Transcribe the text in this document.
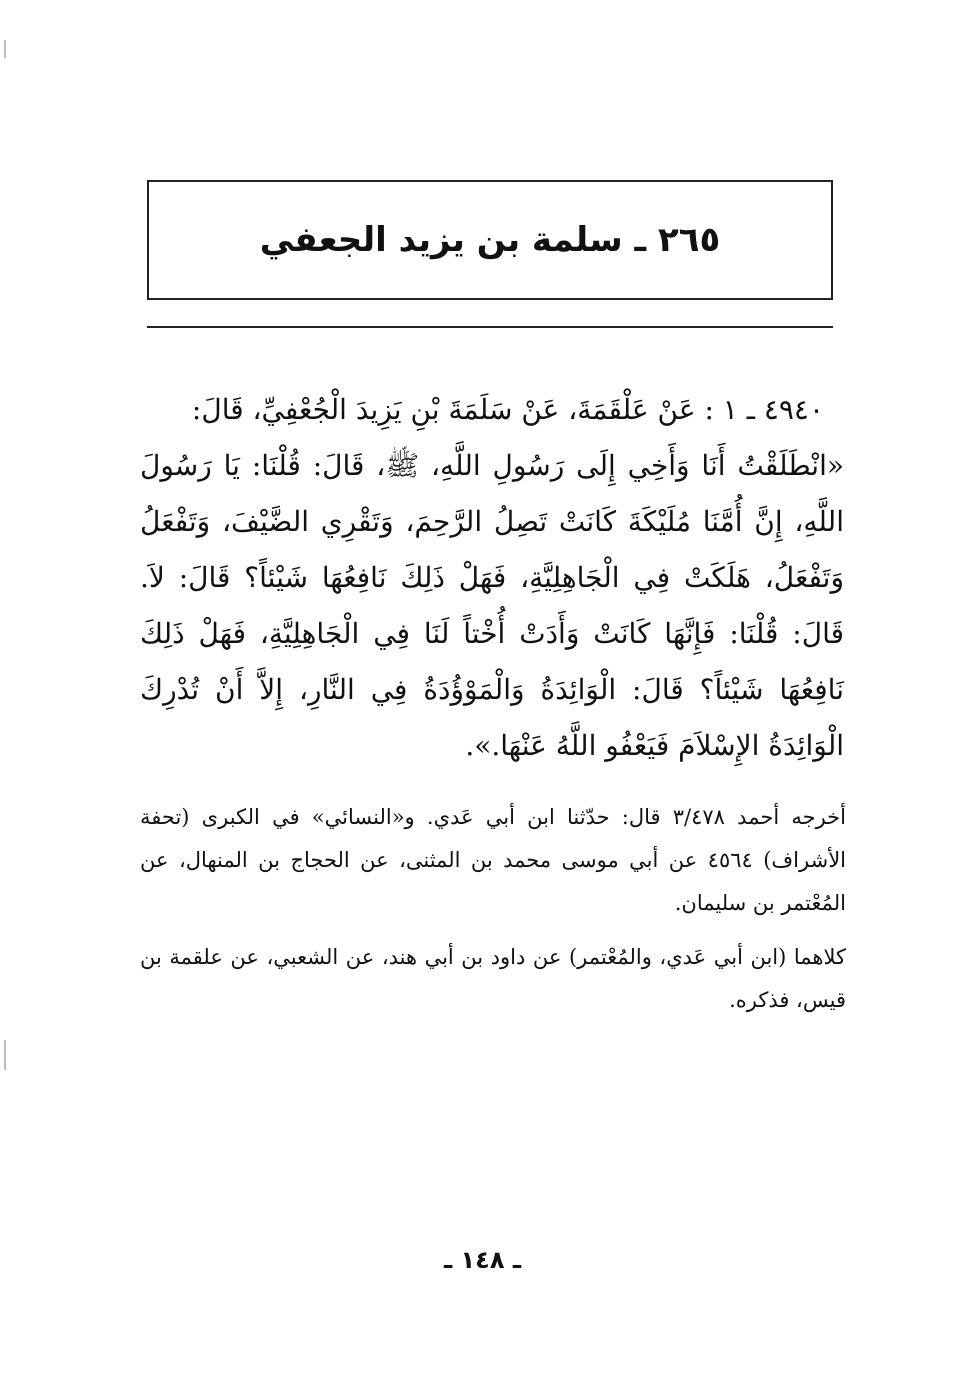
٢٦٥ ـ سلمة بن يزيد الجعفي
٤٩٤٠ ـ ١ : عَنْ عَلْقَمَةَ، عَنْ سَلَمَةَ بْنِ يَزِيدَ الْجُعْفِيِّ، قَالَ:
«انْطَلَقْتُ أَنَا وَأَخِي إِلَى رَسُولِ اللَّهِ، ﷺ، قَالَ: قُلْنَا: يَا رَسُولَ اللَّهِ، إِنَّ أُمَّنَا مُلَيْكَةَ كَانَتْ تَصِلُ الرَّحِمَ، وَتَقْرِي الضَّيْفَ، وَتَفْعَلُ وَتَفْعَلُ، هَلَكَتْ فِي الْجَاهِلِيَّةِ، فَهَلْ ذَلِكَ نَافِعُهَا شَيْئاً؟ قَالَ: لاَ. قَالَ: قُلْنَا: فَإِنَّهَا كَانَتْ وَأَدَتْ أُخْتاً لَنَا فِي الْجَاهِلِيَّةِ، فَهَلْ ذَلِكَ نَافِعُهَا شَيْئاً؟ قَالَ: الْوَائِدَةُ وَالْمَوْؤُدَةُ فِي النَّارِ، إِلاَّ أَنْ تُدْرِكَ الْوَائِدَةُ الإِسْلاَمَ فَيَعْفُو اللَّهُ عَنْهَا.».
أخرجه أحمد ٣/٤٧٨ قال: حدّثنا ابن أبي عَدي. و«النسائي» في الكبرى (تحفة الأشراف) ٤٥٦٤ عن أبي موسى محمد بن المثنى، عن الحجاج بن المنهال، عن المُعْتمر بن سليمان.
كلاهما (ابن أبي عَدي، والمُعْتمر) عن داود بن أبي هند، عن الشعبي، عن علقمة بن قيس، فذكره.
ـ ١٤٨ ـ
